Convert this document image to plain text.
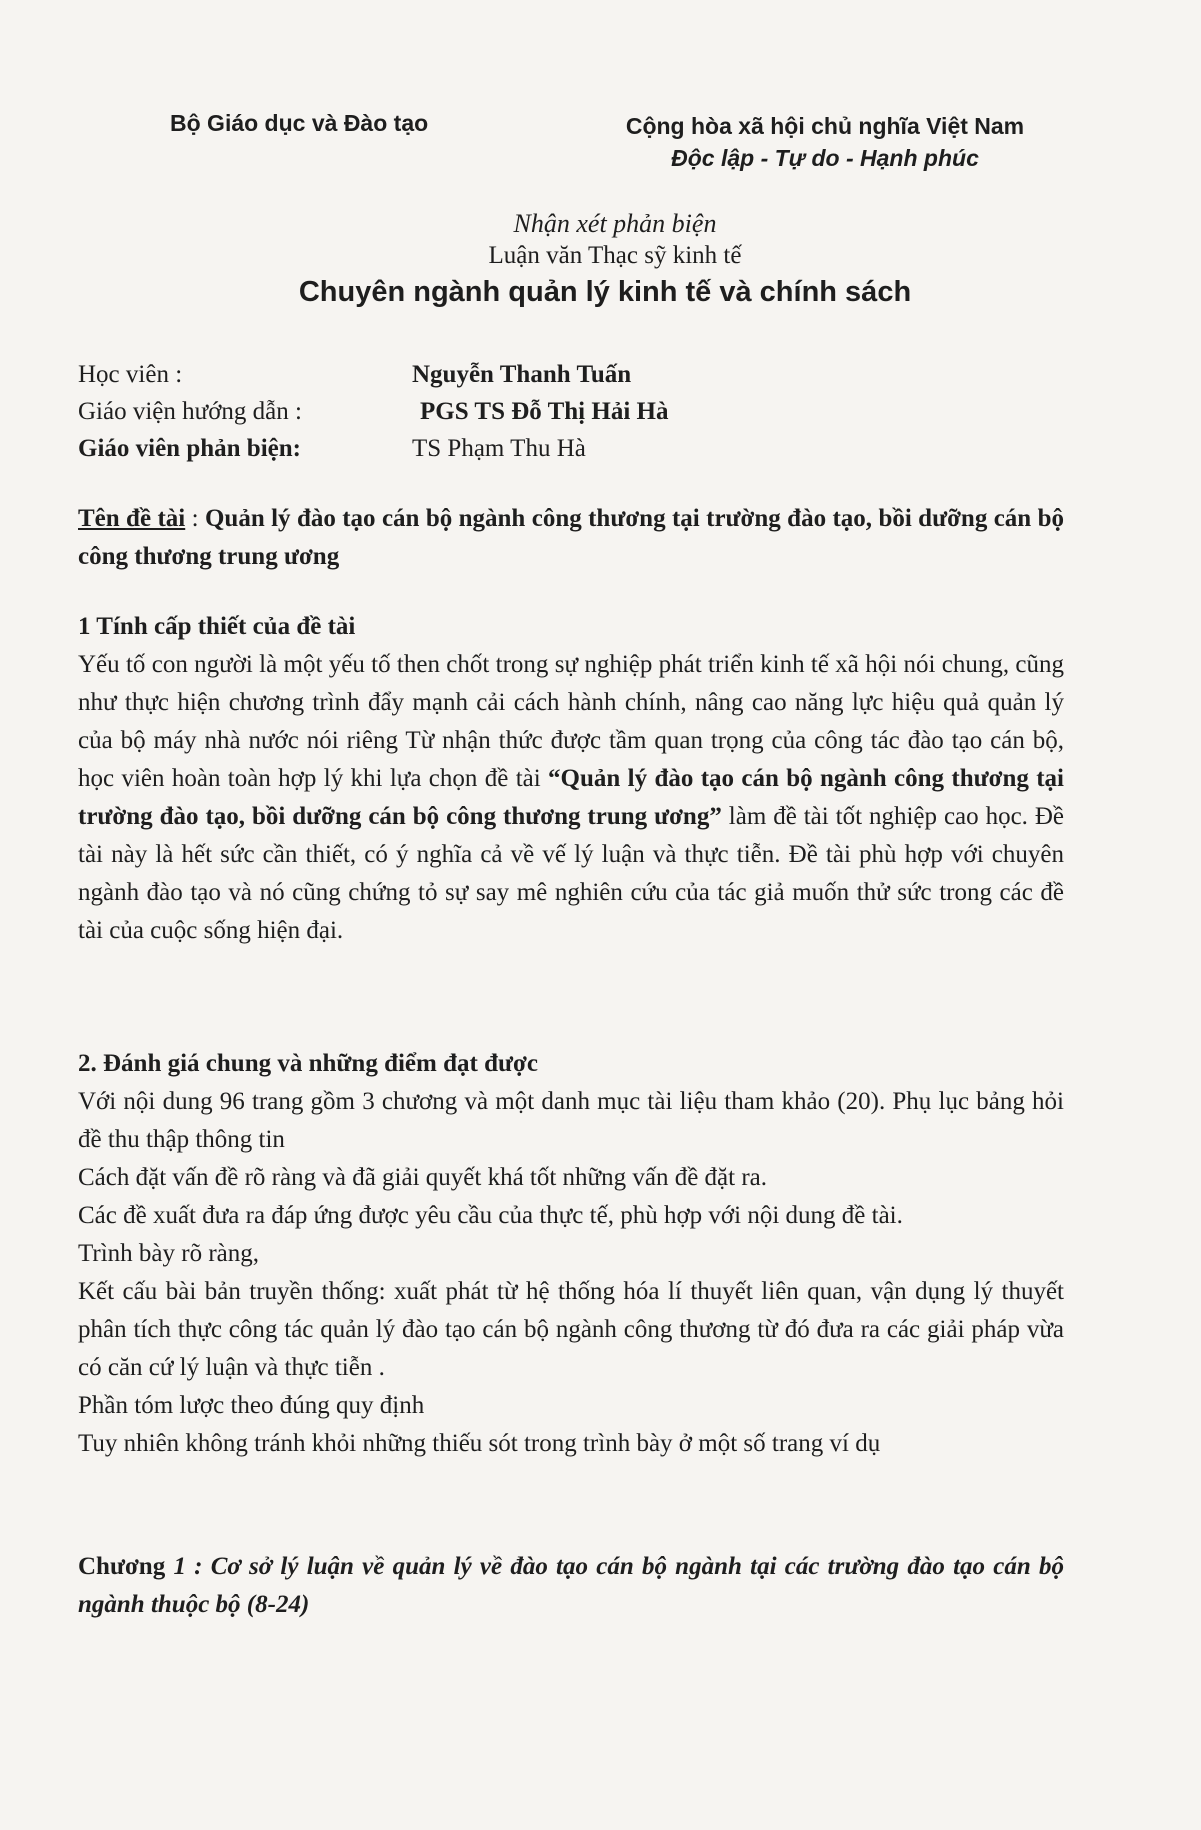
Bộ Giáo dục và Đào tạo	Cộng hòa xã hội chủ nghĩa Việt Nam
Độc lập - Tự do - Hạnh phúc
Nhận xét phản biện
Luận văn Thạc sỹ kinh tế
Chuyên ngành quản lý kinh tế và chính sách
Học viên :	Nguyễn Thanh Tuấn
Giáo viện hướng dẫn :	PGS TS Đỗ Thị Hải Hà
Giáo viên phản biện:	TS Phạm Thu Hà
Tên đề tài : Quản lý đào tạo cán bộ ngành công thương tại trường đào tạo, bồi dưỡng cán bộ công thương trung ương

1 Tính cấp thiết của đề tài

Yếu tố con người là một yếu tố then chốt trong sự nghiệp phát triển kinh tế xã hội nói chung, cũng như thực hiện chương trình đẩy mạnh cải cách hành chính, nâng cao năng lực hiệu quả quản lý của bộ máy nhà nước nói riêng Từ nhận thức được tầm quan trọng của công tác đào tạo cán bộ, học viên hoàn toàn hợp lý khi lựa chọn đề tài “Quản lý đào tạo cán bộ ngành công thương tại trường đào tạo, bồi dưỡng cán bộ công thương trung ương” làm đề tài tốt nghiệp cao học. Đề tài này là hết sức cần thiết, có ý nghĩa cả về vế lý luận và thực tiễn. Đề tài phù hợp với chuyên ngành đào tạo và nó cũng chứng tỏ sự say mê nghiên cứu của tác giả muốn thử sức trong các đề tài của cuộc sống hiện đại.

2. Đánh giá chung và những điểm đạt được

Với nội dung 96 trang gồm 3 chương và một danh mục tài liệu tham khảo (20). Phụ lục bảng hỏi đề thu thập thông tin

Cách đặt vấn đề rõ ràng và đã giải quyết khá tốt những vấn đề đặt ra.

Các đề xuất đưa ra đáp ứng được yêu cầu của thực tế, phù hợp với nội dung đề tài.

Trình bày rõ ràng,

Kết cấu bài bản truyền thống: xuất phát từ hệ thống hóa lí thuyết liên quan, vận dụng lý thuyết phân tích thực công tác quản lý đào tạo cán bộ ngành công thương từ đó đưa ra các giải pháp vừa có căn cứ lý luận và thực tiễn .

Phần tóm lược theo đúng quy định

Tuy nhiên không tránh khỏi những thiếu sót trong trình bày ở một số trang ví dụ

Chương 1 : Cơ sở lý luận về quản lý về đào tạo cán bộ ngành tại các trường đào tạo cán bộ ngành thuộc bộ (8-24)
